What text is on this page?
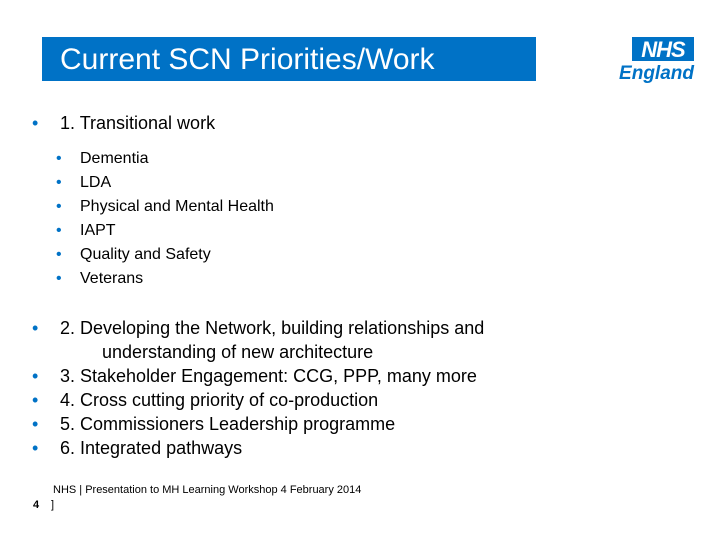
Current SCN Priorities/Work	NHS
England
• 1. Transitional work
• Dementia
• LDA
• Physical and Mental Health
• IAPT
• Quality and Safety
• Veterans
• 2. Developing the Network, building relationships and
understanding of new architecture
• 3. Stakeholder Engagement: CCG, PPP, many more
• 4. Cross cutting priority of co-production
• 5. Commissioners Leadership programme
• 6. Integrated pathways
NHS | Presentation to MH Learning Workshop 4 February 2014
4 ]
